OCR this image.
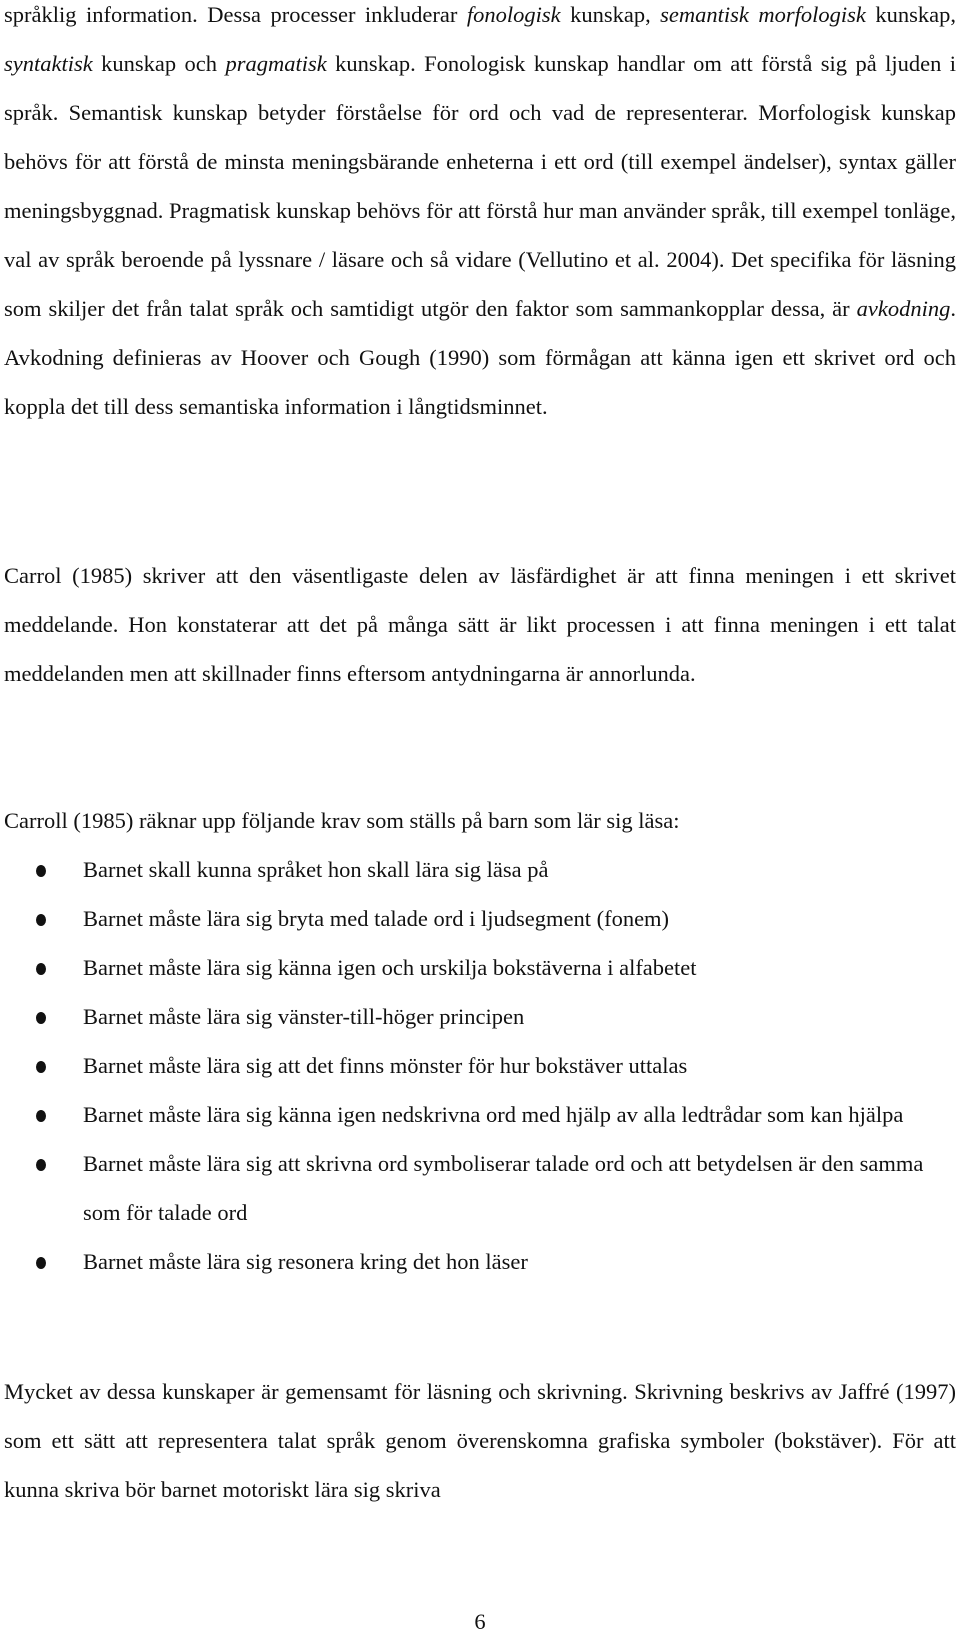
språklig information. Dessa processer inkluderar fonologisk kunskap, semantisk morfologisk kunskap, syntaktisk kunskap och pragmatisk kunskap. Fonologisk kunskap handlar om att förstå sig på ljuden i språk. Semantisk kunskap betyder förståelse för ord och vad de representerar. Morfologisk kunskap behövs för att förstå de minsta meningsbärande enheterna i ett ord (till exempel ändelser), syntax gäller meningsbyggnad. Pragmatisk kunskap behövs för att förstå hur man använder språk, till exempel tonläge, val av språk beroende på lyssnare / läsare och så vidare (Vellutino et al. 2004). Det specifika för läsning som skiljer det från talat språk och samtidigt utgör den faktor som sammankopplar dessa, är avkodning. Avkodning definieras av Hoover och Gough (1990) som förmågan att känna igen ett skrivet ord och koppla det till dess semantiska information i långtidsminnet.

Carrol (1985) skriver att den väsentligaste delen av läsfärdighet är att finna meningen i ett skrivet meddelande. Hon konstaterar att det på många sätt är likt processen i att finna meningen i ett talat meddelanden men att skillnader finns eftersom antydningarna är annorlunda.

Carroll (1985) räknar upp följande krav som ställs på barn som lär sig läsa:

Barnet skall kunna språket hon skall lära sig läsa på
Barnet måste lära sig bryta med talade ord i ljudsegment (fonem)
Barnet måste lära sig känna igen och urskilja bokstäverna i alfabetet
Barnet måste lära sig vänster-till-höger principen
Barnet måste lära sig att det finns mönster för hur bokstäver uttalas
Barnet måste lära sig känna igen nedskrivna ord med hjälp av alla ledtrådar som kan hjälpa
Barnet måste lära sig att skrivna ord symboliserar talade ord och att betydelsen är den samma som för talade ord
Barnet måste lära sig resonera kring det hon läser

Mycket av dessa kunskaper är gemensamt för läsning och skrivning. Skrivning beskrivs av Jaffré (1997) som ett sätt att representera talat språk genom överenskomna grafiska symboler (bokstäver). För att kunna skriva bör barnet motoriskt lära sig skriva

6
